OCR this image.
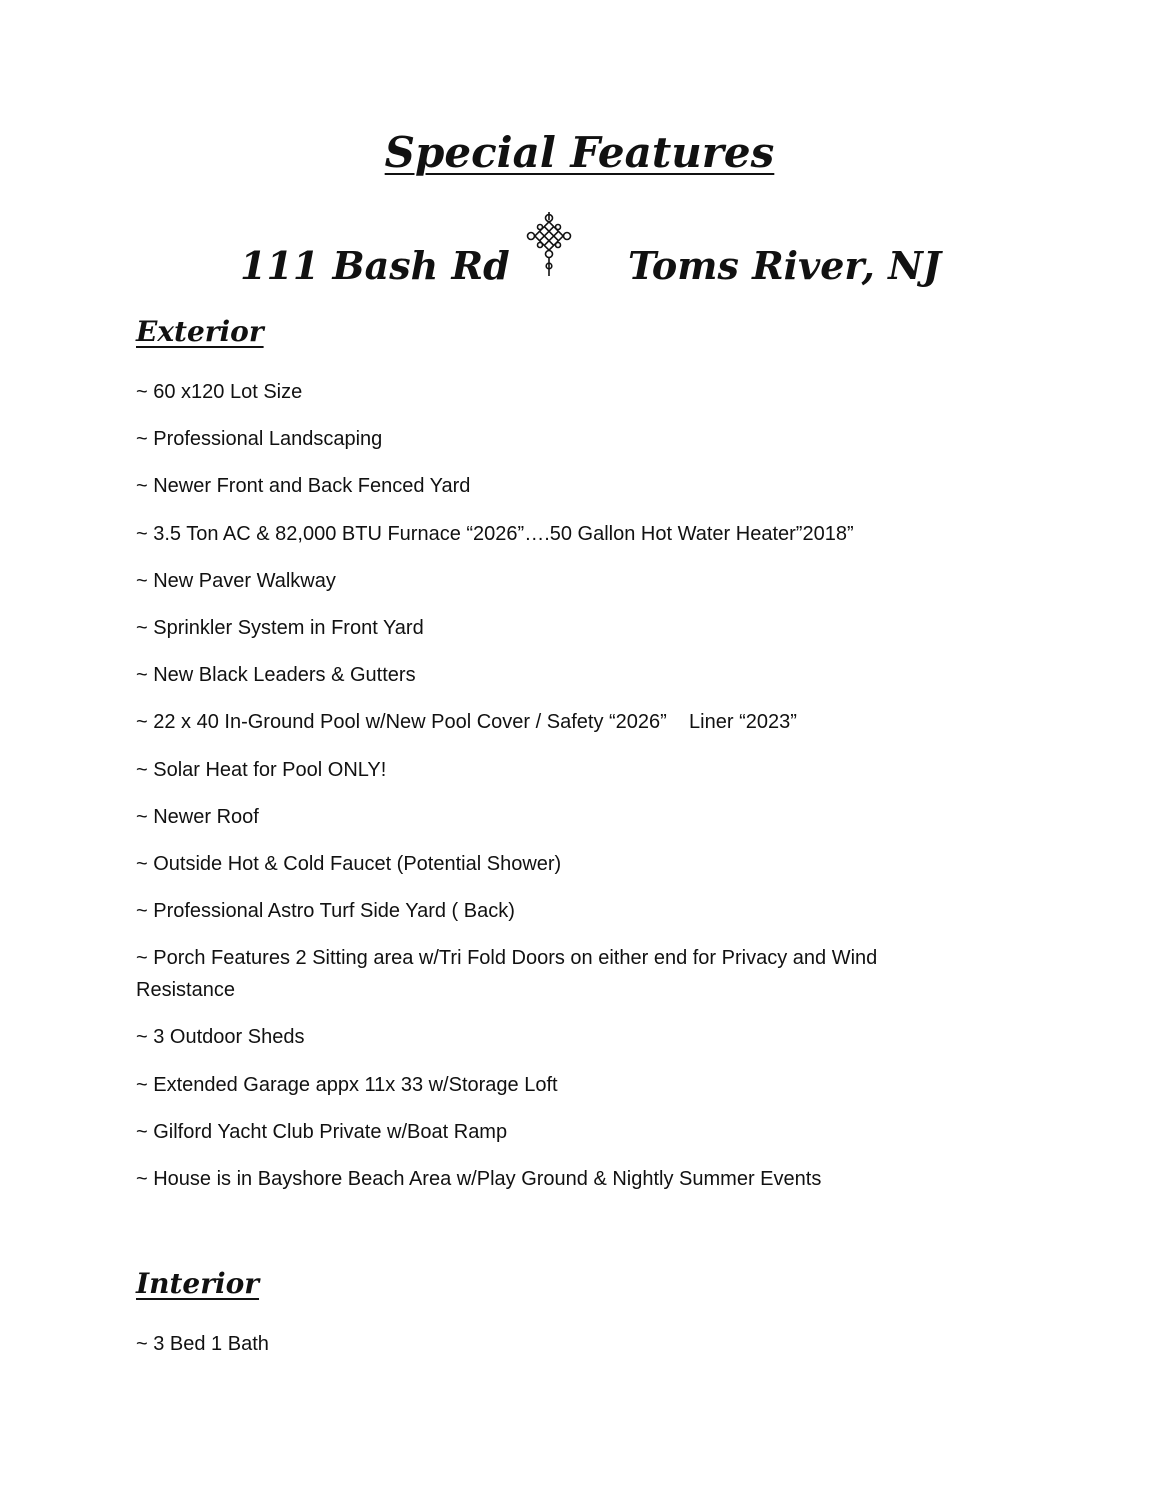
Special Features
111 Bash Rd	Toms River, NJ
Exterior
~ 60 x120 Lot Size
~ Professional Landscaping
~ Newer Front and Back Fenced Yard
~ 3.5 Ton AC & 82,000 BTU Furnace “2026”….50 Gallon Hot Water Heater”2018”
~ New Paver Walkway
~ Sprinkler System in Front Yard
~ New Black Leaders & Gutters
~ 22 x 40 In-Ground Pool w/New Pool Cover / Safety “2026”    Liner “2023”
~ Solar Heat for Pool ONLY!
~ Newer Roof
~ Outside Hot & Cold Faucet (Potential Shower)
~ Professional Astro Turf Side Yard ( Back)
~ Porch Features 2 Sitting area w/Tri Fold Doors on either end for Privacy and Wind Resistance
~ 3 Outdoor Sheds
~ Extended Garage appx 11x 33 w/Storage Loft
~ Gilford Yacht Club Private w/Boat Ramp
~ House is in Bayshore Beach Area w/Play Ground & Nightly Summer Events
Interior
~ 3 Bed 1 Bath
